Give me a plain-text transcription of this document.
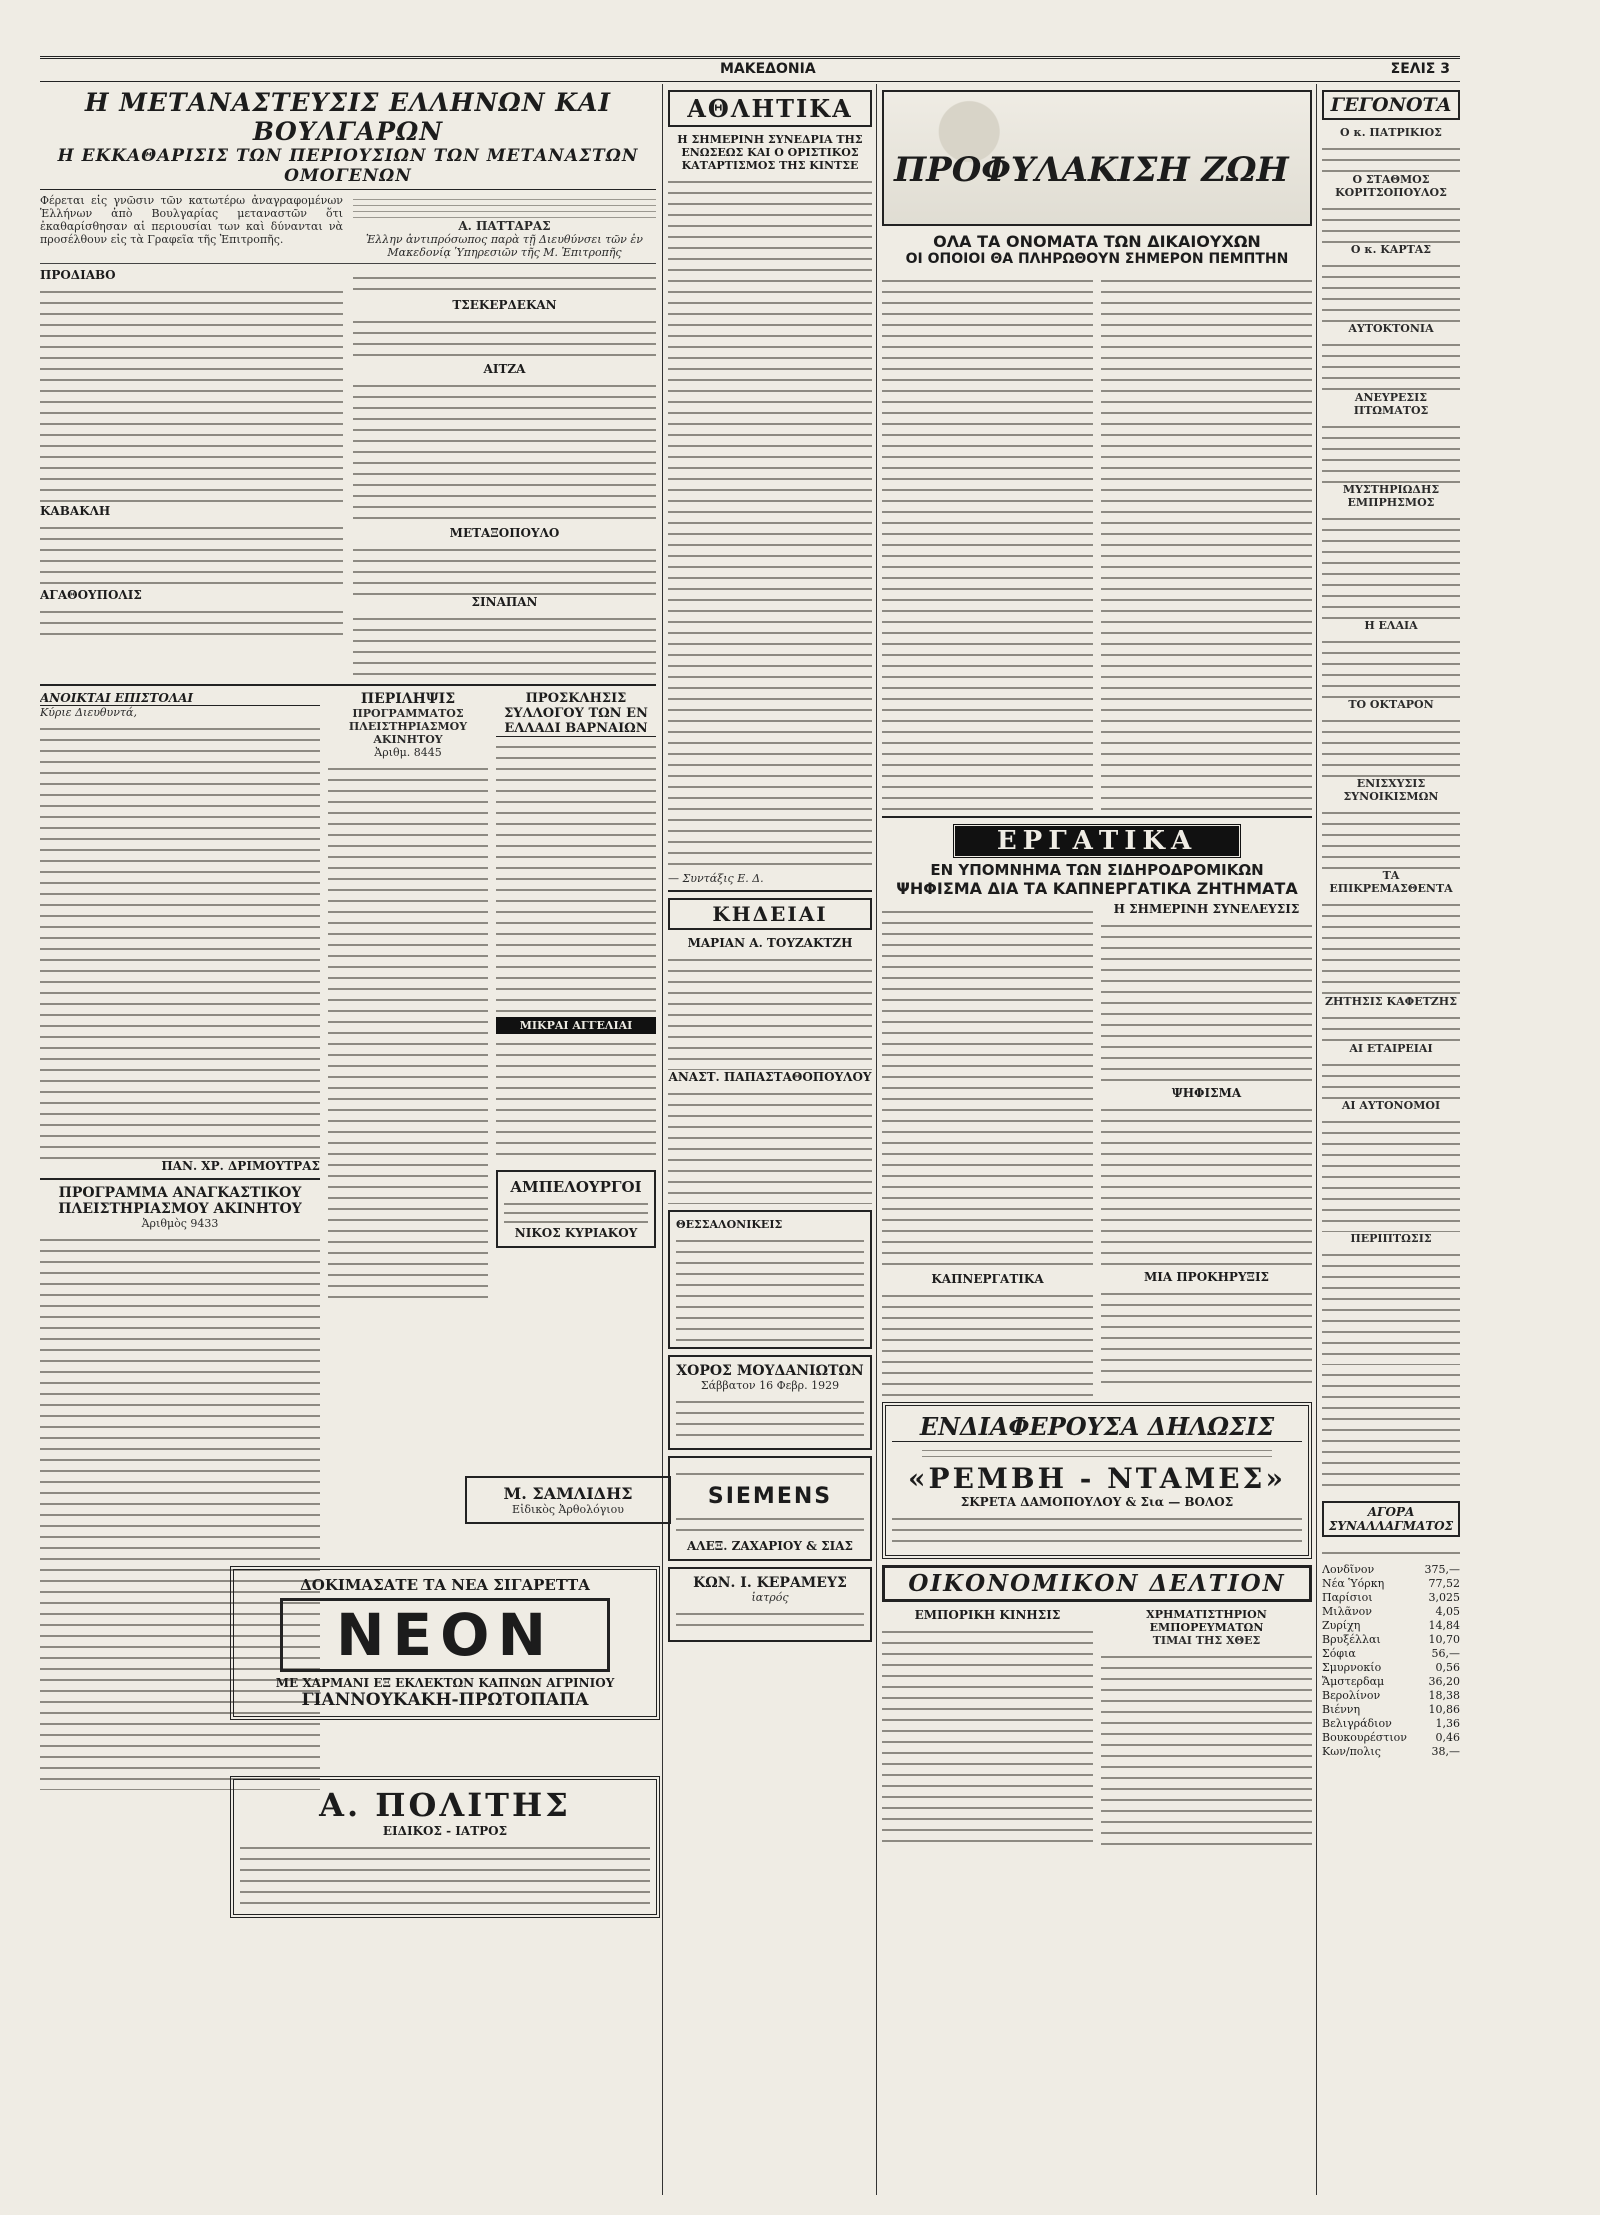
ΜΑΚΕΔΟΝΙΑ	ΣΕΛΙΣ 3
Η ΜΕΤΑΝΑΣΤΕΥΣΙΣ ΕΛΛΗΝΩΝ ΚΑΙ ΒΟΥΛΓΑΡΩΝ
Η ΕΚΚΑΘΑΡΙΣΙΣ ΤΩΝ ΠΕΡΙΟΥΣΙΩΝ ΤΩΝ ΜΕΤΑΝΑΣΤΩΝ ΟΜΟΓΕΝΩΝ
Φέρεται εἰς γνῶσιν τῶν κατωτέρω ἀναγραφομένων Ἑλλήνων ἀπὸ Βουλγαρίας μεταναστῶν ὅτι ἐκαθαρίσθησαν αἱ περιουσίαι των καὶ δύνανται νὰ προσέλθουν εἰς τὰ Γραφεῖα τῆς Ἐπιτροπῆς.
Α. ΠΑΤΤΑΡΑΣ
Ἑλλην ἀντιπρόσωπος παρὰ τῇ Διευθύνσει τῶν ἐν Μακεδονίᾳ Ὑπηρεσιῶν τῆς Μ. Ἐπιτροπῆς
ΠΡΟΔΙΑΒΟ
ΚΑΒΑΚΛΗ
ΑΓΑΘΟΥΠΟΛΙΣ
ΤΣΕΚΕΡΔΕΚΑΝ
ΑΙΤΖΑ
ΜΕΤΑΞΟΠΟΥΛΟ
ΣΙΝΑΠΑΝ
ΑΝΟΙΚΤΑΙ ΕΠΙΣΤΟΛΑΙ
Κύριε Διευθυντά,
ΠΑΝ. ΧΡ. ΔΡΙΜΟΥΤΡΑΣ
ΠΡΟΓΡΑΜΜΑ ΑΝΑΓΚΑΣΤΙΚΟΥ ΠΛΕΙΣΤΗΡΙΑΣΜΟΥ ΑΚΙΝΗΤΟΥ
Ἀριθμὸς 9433
ΠΕΡΙΛΗΨΙΣ
ΠΡΟΓΡΑΜΜΑΤΟΣ ΠΛΕΙΣΤΗΡΙΑΣΜΟΥ ΑΚΙΝΗΤΟΥ
Ἀριθμ. 8445
ΠΡΟΣΚΛΗΣΙΣ ΣΥΛΛΟΓΟΥ ΤΩΝ ΕΝ ΕΛΛΑΔΙ ΒΑΡΝΑΙΩΝ
ΜΙΚΡΑΙ ΑΓΓΕΛΙΑΙ
ΑΜΠΕΛΟΥΡΓΟΙ
ΝΙΚΟΣ ΚΥΡΙΑΚΟΥ
ΔΟΚΙΜΑΣΑΤΕ ΤΑ ΝΕΑ ΣΙΓΑΡΕΤΤΑ
ΝΕΟΝ
ΜΕ ΧΑΡΜΑΝΙ ΕΞ ΕΚΛΕΚΤΩΝ ΚΑΠΝΩΝ ΑΓΡΙΝΙΟΥ
ΓΙΑΝΝΟΥΚΑΚΗ-ΠΡΩΤΟΠΑΠΑ
Α. ΠΟΛΙΤΗΣ
ΕΙΔΙΚΟΣ - ΙΑΤΡΟΣ
Μ. ΣΑΜΛΙΔΗΣ
Εἰδικὸς Ἀρθολόγιου
ΑΘΛΗΤΙΚΑ
Η ΣΗΜΕΡΙΝΗ ΣΥΝΕΔΡΙΑ ΤΗΣ ΕΝΩΣΕΩΣ ΚΑΙ Ο ΟΡΙΣΤΙΚΟΣ ΚΑΤΑΡΤΙΣΜΟΣ ΤΗΣ ΚΙΝΤΣΕ
— Συντάξις Ε. Δ.
ΚΗΔΕΙΑΙ
ΜΑΡΙΑΝ Α. ΤΟΥΖΑΚΤΖΗ
ΑΝΑΣΤ. ΠΑΠΑΣΤΑΘΟΠΟΥΛΟΥ
ΘΕΣΣΑΛΟΝΙΚΕΙΣ
ΧΟΡΟΣ ΜΟΥΔΑΝΙΩΤΩΝ
Σάββατον 16 Φεβρ. 1929
SIEMENS
ΑΛΕΞ. ΖΑΧΑΡΙΟΥ & ΣΙΑΣ
ΚΩΝ. Ι. ΚΕΡΑΜΕΥΣ
ἰατρός
ΠΡΟΦΥΛΑΚΙΣΗ ΖΩΗ
ΟΛΑ ΤΑ ΟΝΟΜΑΤΑ ΤΩΝ ΔΙΚΑΙΟΥΧΩΝ
ΟΙ ΟΠΟΙΟΙ ΘΑ ΠΛΗΡΩΘΟΥΝ ΣΗΜΕΡΟΝ ΠΕΜΠΤΗΝ
ΕΡΓΑΤΙΚΑ
ΕΝ ΥΠΟΜΝΗΜΑ ΤΩΝ ΣΙΔΗΡΟΔΡΟΜΙΚΩΝ
ΨΗΦΙΣΜΑ ΔΙΑ ΤΑ ΚΑΠΝΕΡΓΑΤΙΚΑ ΖΗΤΗΜΑΤΑ
ΚΑΠΝΕΡΓΑΤΙΚΑ
Η ΣΗΜΕΡΙΝΗ ΣΥΝΕΛΕΥΣΙΣ
ΨΗΦΙΣΜΑ
ΜΙΑ ΠΡΟΚΗΡΥΞΙΣ
ΕΝΔΙΑΦΕΡΟΥΣΑ ΔΗΛΩΣΙΣ
«ΡΕΜΒΗ - ΝΤΑΜΕΣ»
ΣΚΡΕΤΑ ΔΑΜΟΠΟΥΛΟΥ & Σια — ΒΟΛΟΣ
ΟΙΚΟΝΟΜΙΚΟΝ ΔΕΛΤΙΟΝ
ΕΜΠΟΡΙΚΗ ΚΙΝΗΣΙΣ	ΧΡΗΜΑΤΙΣΤΗΡΙΟΝ ΕΜΠΟΡΕΥΜΑΤΩΝ
ΤΙΜΑΙ ΤΗΣ ΧΘΕΣ
ΓΕΓΟΝΟΤΑ
Ο κ. ΠΑΤΡΙΚΙΟΣ
Ο ΣΤΑΘΜΟΣ ΚΟΡΙΤΣΟΠΟΥΛΟΣ
Ο κ. ΚΑΡΤΑΣ
ΑΥΤΟΚΤΟΝΙΑ
ΑΝΕΥΡΕΣΙΣ ΠΤΩΜΑΤΟΣ
ΜΥΣΤΗΡΙΩΔΗΣ ΕΜΠΡΗΣΜΟΣ
Η ΕΛΑΙΑ
ΤΟ ΟΚΤΑΡΟΝ
ΕΝΙΣΧΥΣΙΣ ΣΥΝΟΙΚΙΣΜΩΝ
ΤΑ ΕΠΙΚΡΕΜΑΣΘΕΝΤΑ
ΖΗΤΗΣΙΣ ΚΑΦΕΤΖΗΣ
ΑΙ ΕΤΑΙΡΕΙΑΙ
ΑΙ ΑΥΤΟΝΟΜΟΙ
ΠΕΡΙΠΤΩΣΙΣ
ΑΓΟΡΑ ΣΥΝΑΛΛΑΓΜΑΤΟΣ
Λονδῖνον	375,—
Νέα Ὑόρκη	77,52
Παρίσιοι	3,025
Μιλᾶνον	4,05
Ζυρίχη	14,84
Βρυξέλλαι	10,70
Σόφια	56,—
Σμυρνοκίο	0,56
Ἄμστερδαμ	36,20
Βερολίνον	18,38
Βιέννη	10,86
Βελιγράδιον	1,36
Βουκουρέστιον	0,46
Κων/πολις	38,—
